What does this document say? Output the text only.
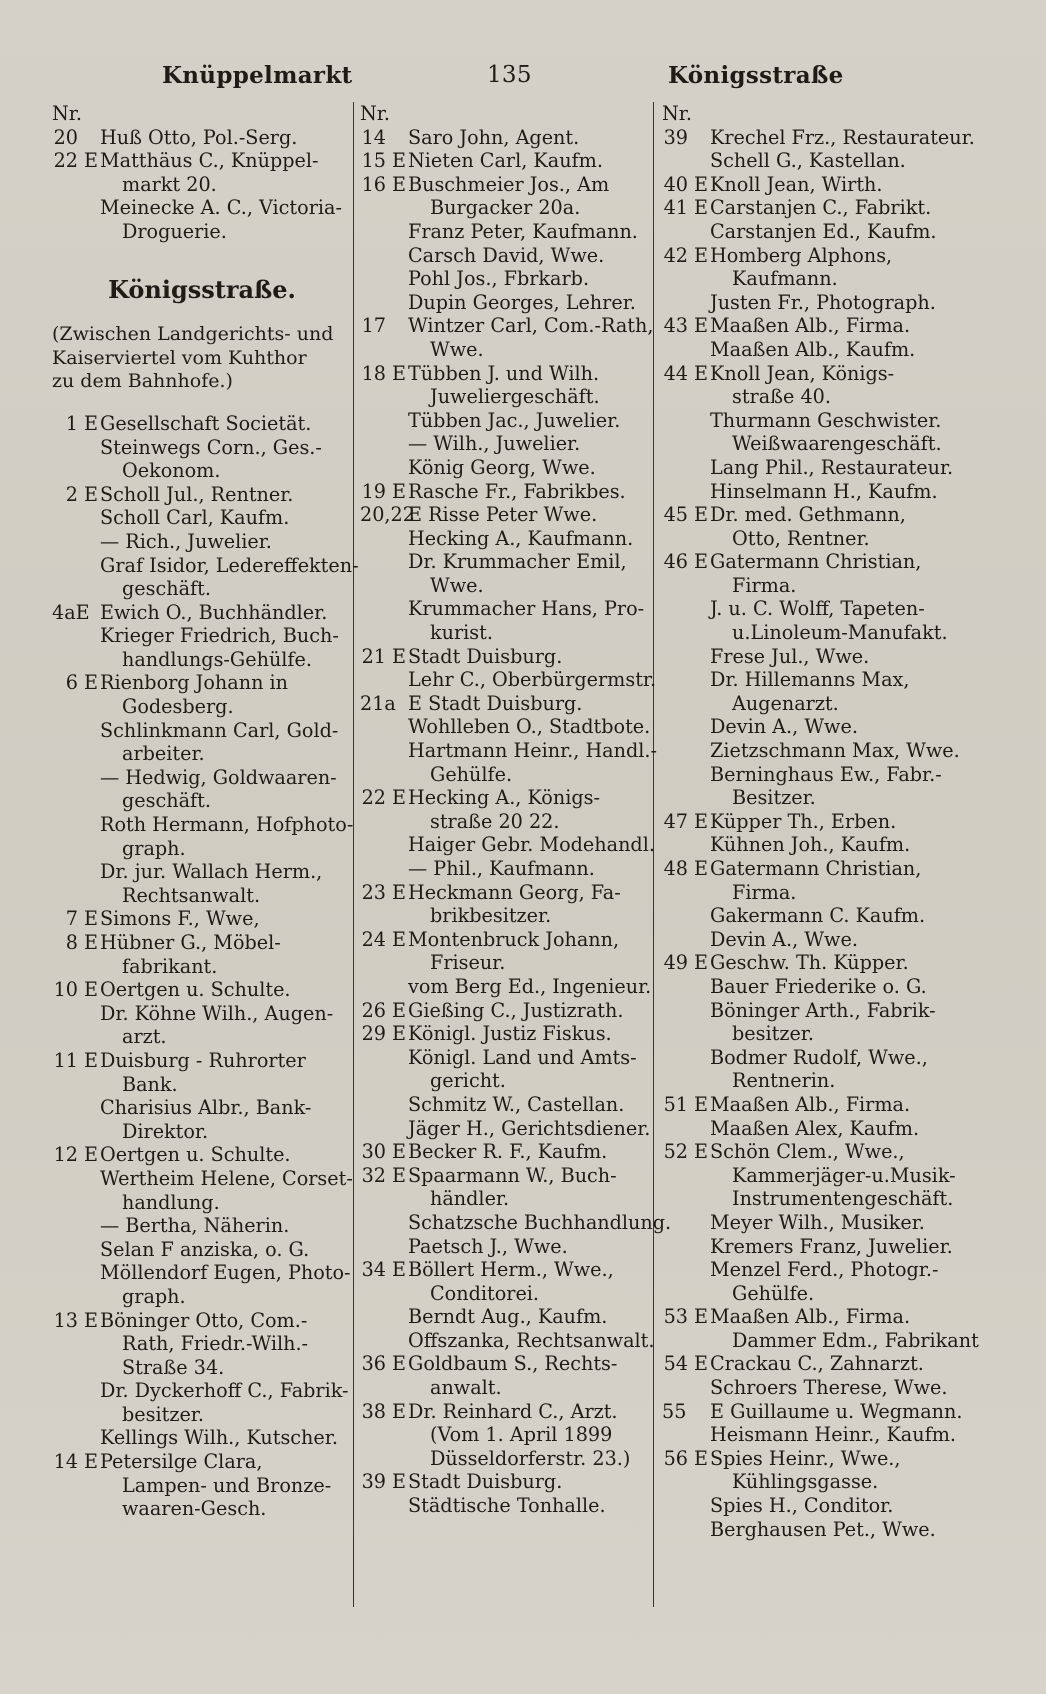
Knüppelmarkt	135	Königsstraße
Nr.
20 Huß Otto, Pol.-Serg.
22 E Matthäus C., Knüppel-
markt 20.
Meinecke A. C., Victoria-
Droguerie.
Königsstraße.
(Zwischen Landgerichts- und
Kaiserviertel vom Kuhthor
zu dem Bahnhofe.)
1 E Gesellschaft Societät.
Steinwegs Corn., Ges.-
Oekonom.
2 E Scholl Jul., Rentner.
Scholl Carl, Kaufm.
— Rich., Juwelier.
Graf Isidor, Ledereffekten-
geschäft.
4aE Ewich O., Buchhändler.
Krieger Friedrich, Buch-
handlungs-Gehülfe.
6 E Rienborg Johann in
Godesberg.
Schlinkmann Carl, Gold-
arbeiter.
— Hedwig, Goldwaaren-
geschäft.
Roth Hermann, Hofphoto-
graph.
Dr. jur. Wallach Herm.,
Rechtsanwalt.
7 E Simons F., Wwe,
8 E Hübner G., Möbel-
fabrikant.
10 E Oertgen u. Schulte.
Dr. Köhne Wilh., Augen-
arzt.
11 E Duisburg - Ruhrorter
Bank.
Charisius Albr., Bank-
Direktor.
12 E Oertgen u. Schulte.
Wertheim Helene, Corset-
handlung.
— Bertha, Näherin.
Selan F anziska, o. G.
Möllendorf Eugen, Photo-
graph.
13 E Böninger Otto, Com.-
Rath, Friedr.-Wilh.-
Straße 34.
Dr. Dyckerhoff C., Fabrik-
besitzer.
Kellings Wilh., Kutscher.
14 E Petersilge Clara,
Lampen- und Bronze-
waaren-Gesch.
Nr.
14 Saro John, Agent.
15 E Nieten Carl, Kaufm.
16 E Buschmeier Jos., Am
Burgacker 20a.
Franz Peter, Kaufmann.
Carsch David, Wwe.
Pohl Jos., Fbrkarb.
Dupin Georges, Lehrer.
17 Wintzer Carl, Com.-Rath,
Wwe.
18 E Tübben J. und Wilh.
Juweliergeschäft.
Tübben Jac., Juwelier.
— Wilh., Juwelier.
König Georg, Wwe.
19 E Rasche Fr., Fabrikbes.
20,22
E Risse Peter Wwe.
Hecking A., Kaufmann.
Dr. Krummacher Emil,
Wwe.
Krummacher Hans, Pro-
kurist.
21 E Stadt Duisburg.
Lehr C., Oberbürgermstr.
21a E Stadt Duisburg.
Wohlleben O., Stadtbote.
Hartmann Heinr., Handl.-
Gehülfe.
22 E Hecking A., Königs-
straße 20 22.
Haiger Gebr. Modehandl.
— Phil., Kaufmann.
23 E Heckmann Georg, Fa-
brikbesitzer.
24 E Montenbruck Johann,
Friseur.
vom Berg Ed., Ingenieur.
26 E Gießing C., Justizrath.
29 E Königl. Justiz Fiskus.
Königl. Land und Amts-
gericht.
Schmitz W., Castellan.
Jäger H., Gerichtsdiener.
30 E Becker R. F., Kaufm.
32 E Spaarmann W., Buch-
händler.
Schatzsche Buchhandlung.
Paetsch J., Wwe.
34 E Böllert Herm., Wwe.,
Conditorei.
Berndt Aug., Kaufm.
Offszanka, Rechtsanwalt.
36 E Goldbaum S., Rechts-
anwalt.
38 E Dr. Reinhard C., Arzt.
(Vom 1. April 1899
Düsseldorferstr. 23.)
39 E Stadt Duisburg.
Städtische Tonhalle.
Nr.
39 Krechel Frz., Restaurateur.
Schell G., Kastellan.
40 E Knoll Jean, Wirth.
41 E Carstanjen C., Fabrikt.
Carstanjen Ed., Kaufm.
42 E Homberg Alphons,
Kaufmann.
Justen Fr., Photograph.
43 E Maaßen Alb., Firma.
Maaßen Alb., Kaufm.
44 E Knoll Jean, Königs-
straße 40.
Thurmann Geschwister.
Weißwaarengeschäft.
Lang Phil., Restaurateur.
Hinselmann H., Kaufm.
45 E Dr. med. Gethmann,
Otto, Rentner.
46 E Gatermann Christian,
Firma.
J. u. C. Wolff, Tapeten-
u.Linoleum-Manufakt.
Frese Jul., Wwe.
Dr. Hillemanns Max,
Augenarzt.
Devin A., Wwe.
Zietzschmann Max, Wwe.
Berninghaus Ew., Fabr.-
Besitzer.
47 E Küpper Th., Erben.
Kühnen Joh., Kaufm.
48 E Gatermann Christian,
Firma.
Gakermann C. Kaufm.
Devin A., Wwe.
49 E Geschw. Th. Küpper.
Bauer Friederike o. G.
Böninger Arth., Fabrik-
besitzer.
Bodmer Rudolf, Wwe.,
Rentnerin.
51 E Maaßen Alb., Firma.
Maaßen Alex, Kaufm.
52 E Schön Clem., Wwe.,
Kammerjäger-u.Musik-
Instrumentengeschäft.
Meyer Wilh., Musiker.
Kremers Franz, Juwelier.
Menzel Ferd., Photogr.-
Gehülfe.
53 E Maaßen Alb., Firma.
Dammer Edm., Fabrikant
54 E Crackau C., Zahnarzt.
Schroers Therese, Wwe.
55 E Guillaume u. Wegmann.
Heismann Heinr., Kaufm.
56 E Spies Heinr., Wwe.,
Kühlingsgasse.
Spies H., Conditor.
Berghausen Pet., Wwe.
